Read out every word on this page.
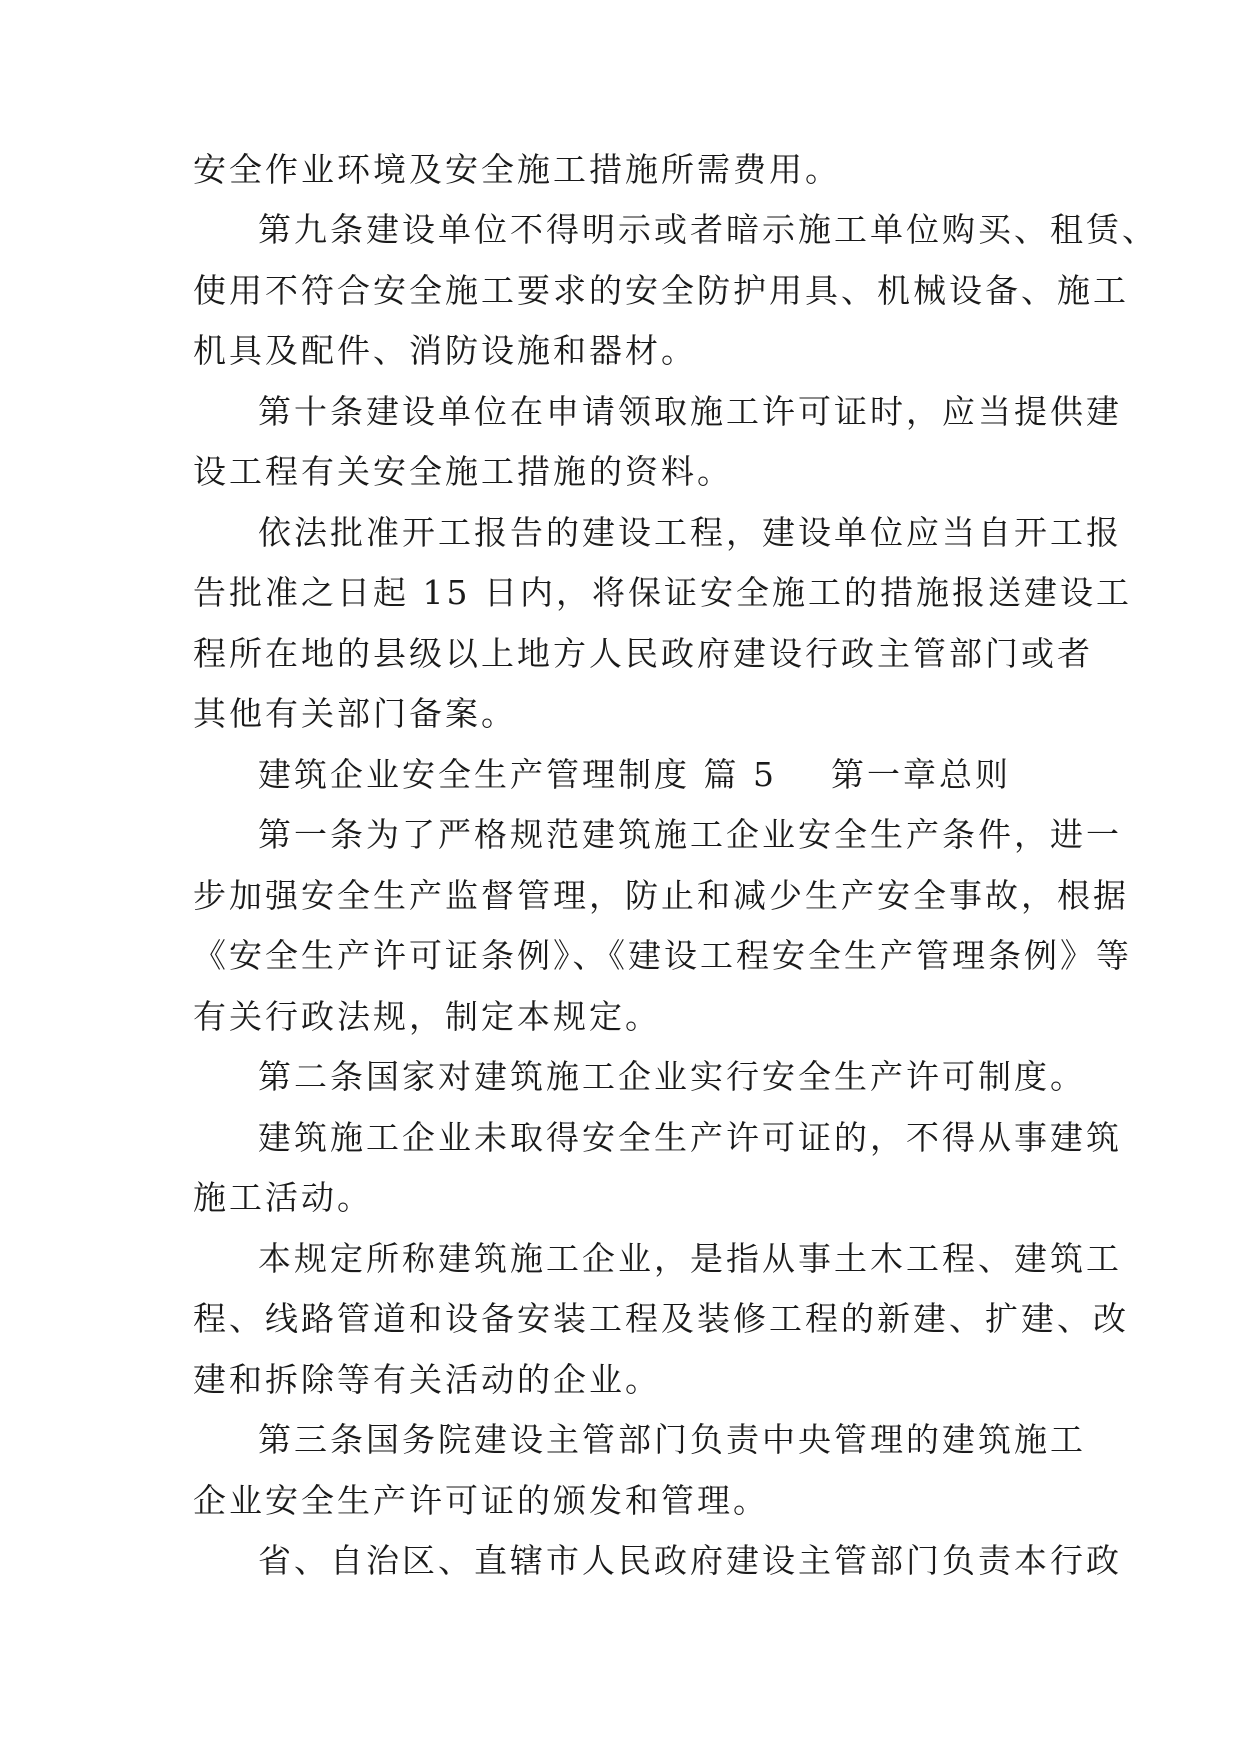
安全作业环境及安全施工措施所需费用。

第九条建设单位不得明示或者暗示施工单位购买、租赁、

使用不符合安全施工要求的安全防护用具、机械设备、施工

机具及配件、消防设施和器材。

第十条建设单位在申请领取施工许可证时，应当提供建

设工程有关安全施工措施的资料。

依法批准开工报告的建设工程，建设单位应当自开工报

告批准之日起 15 日内，将保证安全施工的措施报送建设工

程所在地的县级以上地方人民政府建设行政主管部门或者

其他有关部门备案。

建筑企业安全生产管理制度 篇 5 第一章总则

第一条为了严格规范建筑施工企业安全生产条件，进一

步加强安全生产监督管理，防止和减少生产安全事故，根据

《安全生产许可证条例》、《建设工程安全生产管理条例》等

有关行政法规，制定本规定。

第二条国家对建筑施工企业实行安全生产许可制度。

建筑施工企业未取得安全生产许可证的，不得从事建筑

施工活动。

本规定所称建筑施工企业，是指从事土木工程、建筑工

程、线路管道和设备安装工程及装修工程的新建、扩建、改

建和拆除等有关活动的企业。

第三条国务院建设主管部门负责中央管理的建筑施工

企业安全生产许可证的颁发和管理。

省、自治区、直辖市人民政府建设主管部门负责本行政
